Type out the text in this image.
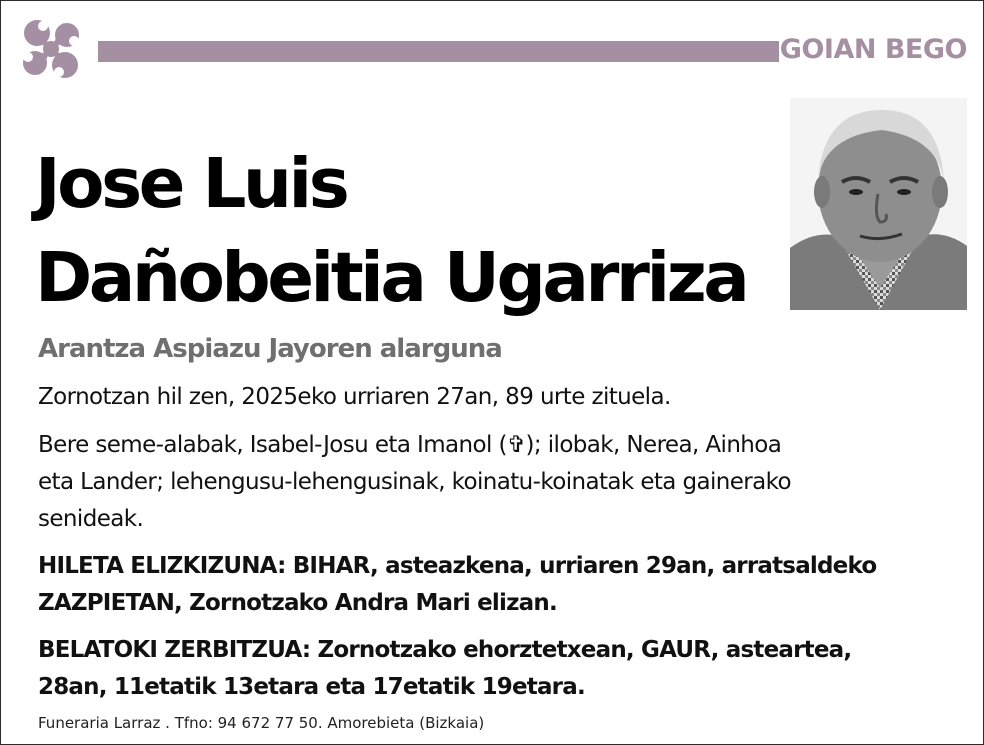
GOIAN BEGO
Jose Luis
Dañobeitia Ugarriza
Arantza Aspiazu Jayoren alarguna

Zornotzan hil zen, 2025eko urriaren 27an, 89 urte zituela.

Bere seme-alabak, Isabel-Josu eta Imanol (✞); ilobak, Nerea, Ainhoa
eta Lander; lehengusu-lehengusinak, koinatu-koinatak eta gainerako
senideak.

HILETA ELIZKIZUNA: BIHAR, asteazkena, urriaren 29an, arratsaldeko
ZAZPIETAN, Zornotzako Andra Mari elizan.

BELATOKI ZERBITZUA: Zornotzako ehorztetxean, GAUR, asteartea,
28an, 11etatik 13etara eta 17etatik 19etara.

Funeraria Larraz . Tfno: 94 672 77 50. Amorebieta (Bizkaia)
